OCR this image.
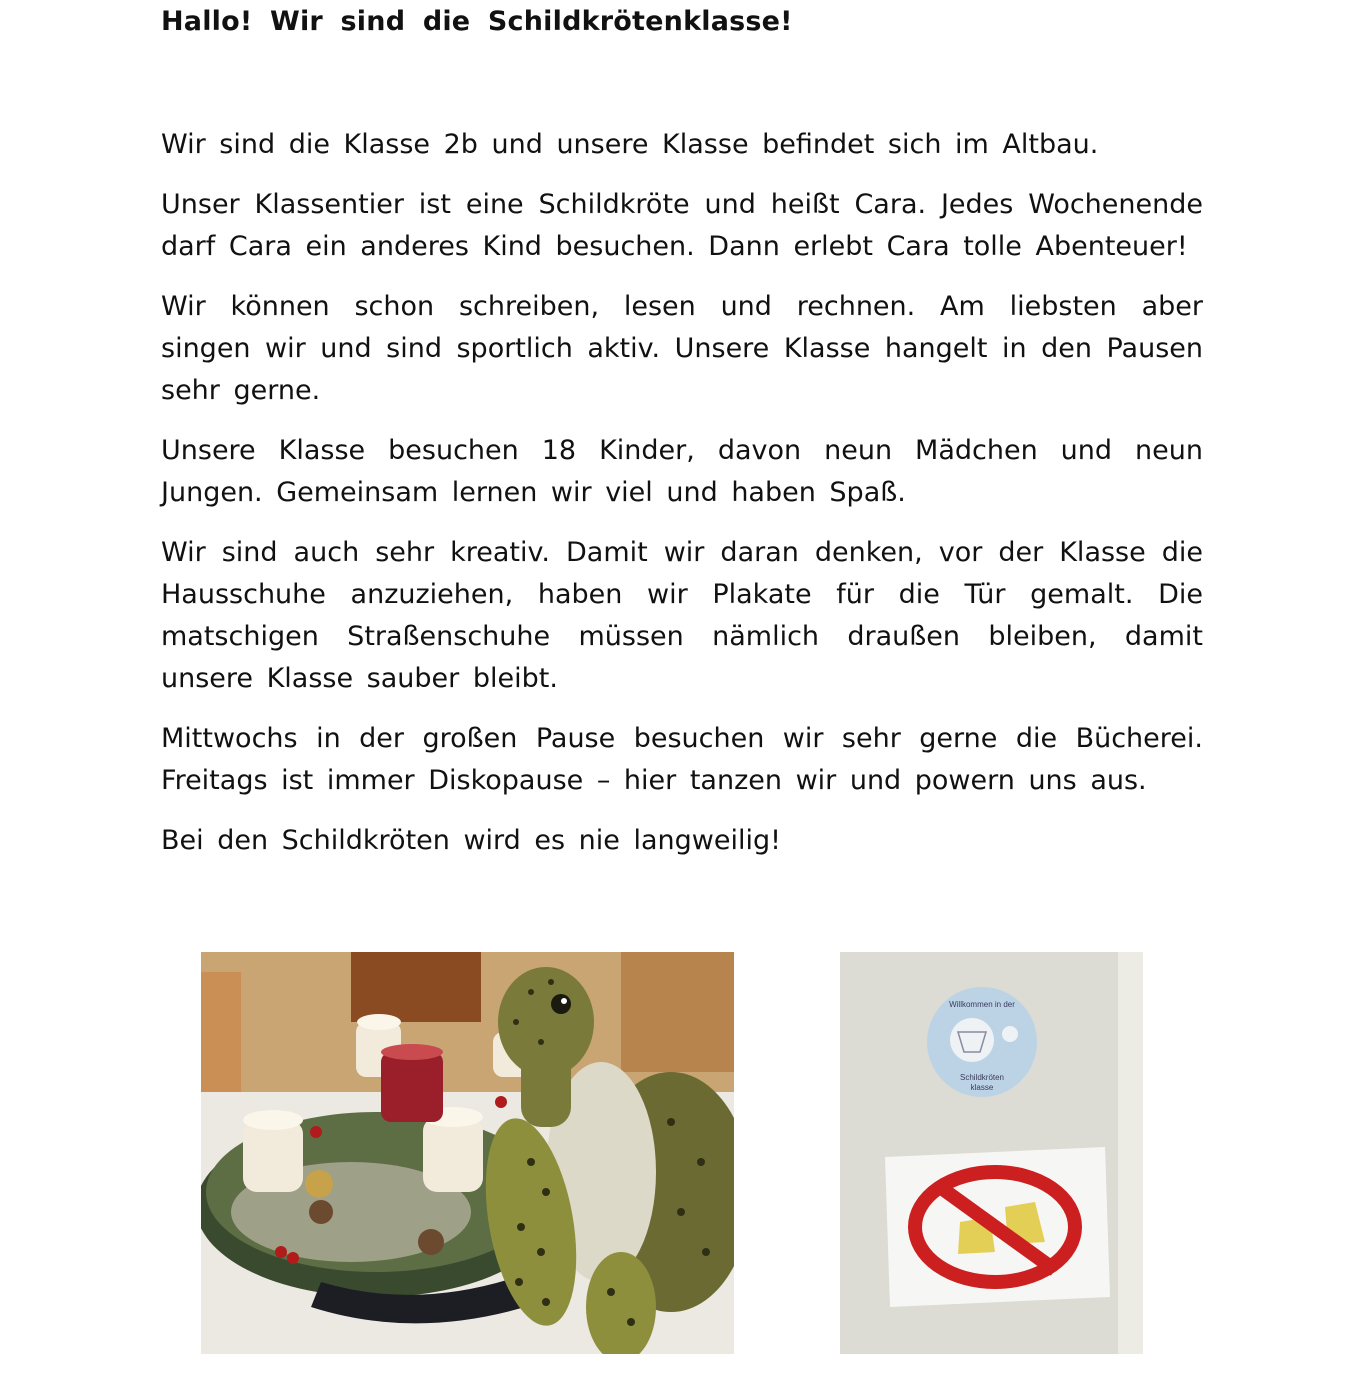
Hallo! Wir sind die Schildkrötenklasse!

Wir sind die Klasse 2b und unsere Klasse befindet sich im Altbau.

Unser Klassentier ist eine Schildkröte und heißt Cara. Jedes Wochenende darf Cara ein anderes Kind besuchen. Dann erlebt Cara tolle Abenteuer!

Wir können schon schreiben, lesen und rechnen. Am liebsten aber singen wir und sind sportlich aktiv. Unsere Klasse hangelt in den Pausen sehr gerne.

Unsere Klasse besuchen 18 Kinder, davon neun Mädchen und neun Jungen. Gemeinsam lernen wir viel und haben Spaß.

Wir sind auch sehr kreativ. Damit wir daran denken, vor der Klasse die Hausschuhe anzuziehen, haben wir Plakate für die Tür gemalt. Die matschigen Straßenschuhe müssen nämlich draußen bleiben, damit unsere Klasse sauber bleibt.

Mittwochs in der großen Pause besuchen wir sehr gerne die Bücherei. Freitags ist immer Diskopause – hier tanzen wir und powern uns aus.

Bei den Schildkröten wird es nie langweilig!

Willkommen in der
Schildkröten
klasse
